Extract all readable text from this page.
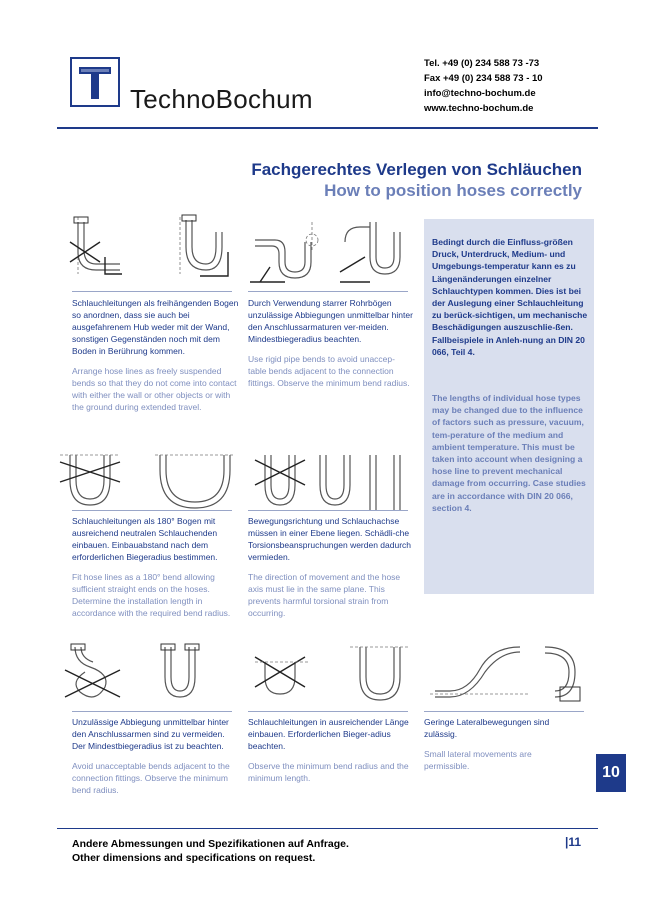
TechnoBochum
Tel. +49 (0) 234 588 73 -73
Fax +49 (0) 234 588 73 - 10
info@techno-bochum.de
www.techno-bochum.de
Fachgerechtes Verlegen von Schläuchen
How to position hoses correctly
Bedingt durch die Einfluss-größen Druck, Unterdruck, Medium- und Umgebungs-temperatur kann es zu Längenänderungen einzelner Schlauchtypen kommen. Dies ist bei der Auslegung einer Schlauchleitung zu berück-sichtigen, um mechanische Beschädigungen auszuschlie-ßen. Fallbeispiele in Anleh-nung an DIN 20 066, Teil 4.
The lengths of individual hose types may be changed due to the influence of factors such as pressure, vacuum, tem-perature of the medium and ambient temperature. This must be taken into account when designing a hose line to prevent mechanical damage from occurring. Case studies are in accordance with DIN 20 066, section 4.
Schlauchleitungen als freihängenden Bogen so anordnen, dass sie auch bei ausgefahrenem Hub weder mit der Wand, sonstigen Gegenständen noch mit dem Boden in Berührung kommen.
Arrange hose lines as freely suspended bends so that they do not come into contact with either the wall or other objects or with the ground during extended travel.
Durch Verwendung starrer Rohrbögen unzulässige Abbiegungen unmittelbar hinter den Anschlussarmaturen ver-meiden. Mindestbiegeradius beachten.
Use rigid pipe bends to avoid unaccep-table bends adjacent to the connection fittings. Observe the minimum bend radius.
Schlauchleitungen als 180° Bogen mit ausreichend neutralen Schlauchenden einbauen. Einbauabstand nach dem erforderlichen Biegeradius bestimmen.
Fit hose lines as a 180° bend allowing sufficient straight ends on the hoses. Determine the installation length in accordance with the required bend radius.
Bewegungsrichtung und Schlauchachse müssen in einer Ebene liegen. Schädli-che Torsionsbeanspruchungen werden dadurch vermieden.
The direction of movement and the hose axis must lie in the same plane. This prevents harmful torsional strain from occurring.
Unzulässige Abbiegung unmittelbar hinter den Anschlussarmen sind zu vermeiden. Der Mindestbiegeradius ist zu beachten.
Avoid unacceptable bends adjacent to the connection fittings. Observe the minimum bend radius.
Schlauchleitungen in ausreichender Länge einbauen. Erforderlichen Bieger-adius beachten.
Observe the minimum bend radius and the minimum length.
Geringe Lateralbewegungen sind zulässig.
Small lateral movements are permissible.	10
Andere Abmessungen und Spezifikationen auf Anfrage.
Other dimensions and specifications on request.
|11
